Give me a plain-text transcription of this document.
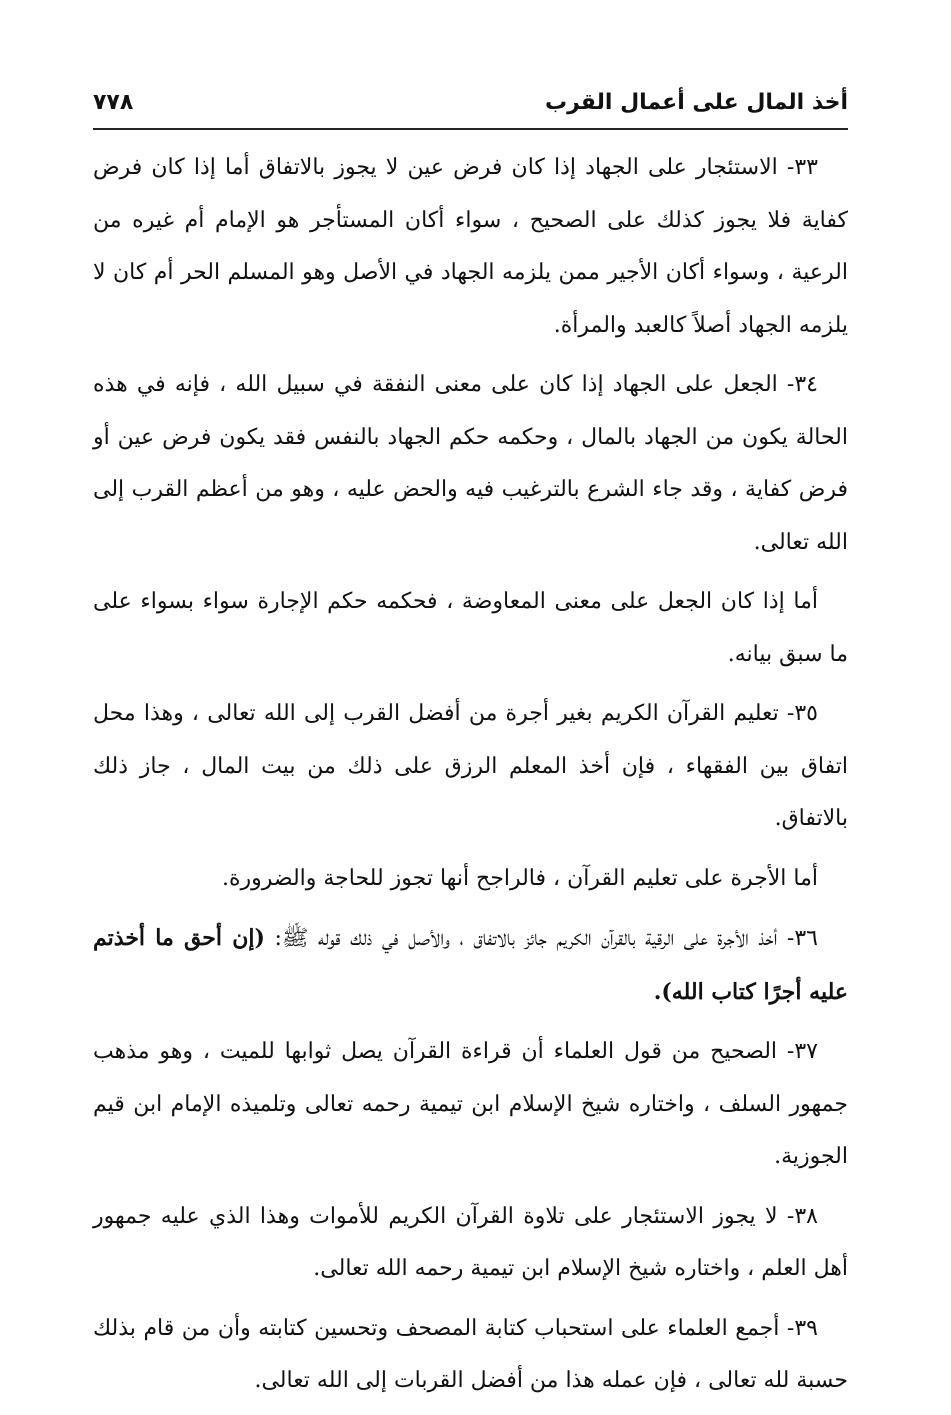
أخذ المال على أعمال القرب
٧٧٨

٣٣- الاستئجار على الجهاد إذا كان فرض عين لا يجوز بالاتفاق أما إذا كان فرض كفاية فلا يجوز كذلك على الصحيح ، سواء أكان المستأجر هو الإمام أم غيره من الرعية ، وسواء أكان الأجير ممن يلزمه الجهاد في الأصل وهو المسلم الحر أم كان لا يلزمه الجهاد أصلاً كالعبد والمرأة.

٣٤- الجعل على الجهاد إذا كان على معنى النفقة في سبيل الله ، فإنه في هذه الحالة يكون من الجهاد بالمال ، وحكمه حكم الجهاد بالنفس فقد يكون فرض عين أو فرض كفاية ، وقد جاء الشرع بالترغيب فيه والحض عليه ، وهو من أعظم القرب إلى الله تعالى.

أما إذا كان الجعل على معنى المعاوضة ، فحكمه حكم الإجارة سواء بسواء على ما سبق بيانه.

٣٥- تعليم القرآن الكريم بغير أجرة من أفضل القرب إلى الله تعالى ، وهذا محل اتفاق بين الفقهاء ، فإن أخذ المعلم الرزق على ذلك من بيت المال ، جاز ذلك بالاتفاق.

أما الأجرة على تعليم القرآن ، فالراجح أنها تجوز للحاجة والضرورة.

٣٦- أخذ الأجرة على الرقية بالقرآن الكريم جائز بالاتفاق ، والأصل في ذلك قوله ﷺ: (إن أحق ما أخذتم عليه أجرًا كتاب الله).

٣٧- الصحيح من قول العلماء أن قراءة القرآن يصل ثوابها للميت ، وهو مذهب جمهور السلف ، واختاره شيخ الإسلام ابن تيمية رحمه تعالى وتلميذه الإمام ابن قيم الجوزية.

٣٨- لا يجوز الاستئجار على تلاوة القرآن الكريم للأموات وهذا الذي عليه جمهور أهل العلم ، واختاره شيخ الإسلام ابن تيمية رحمه الله تعالى.

٣٩- أجمع العلماء على استحباب كتابة المصحف وتحسين كتابته وأن من قام بذلك حسبة لله تعالى ، فإن عمله هذا من أفضل القربات إلى الله تعالى.
